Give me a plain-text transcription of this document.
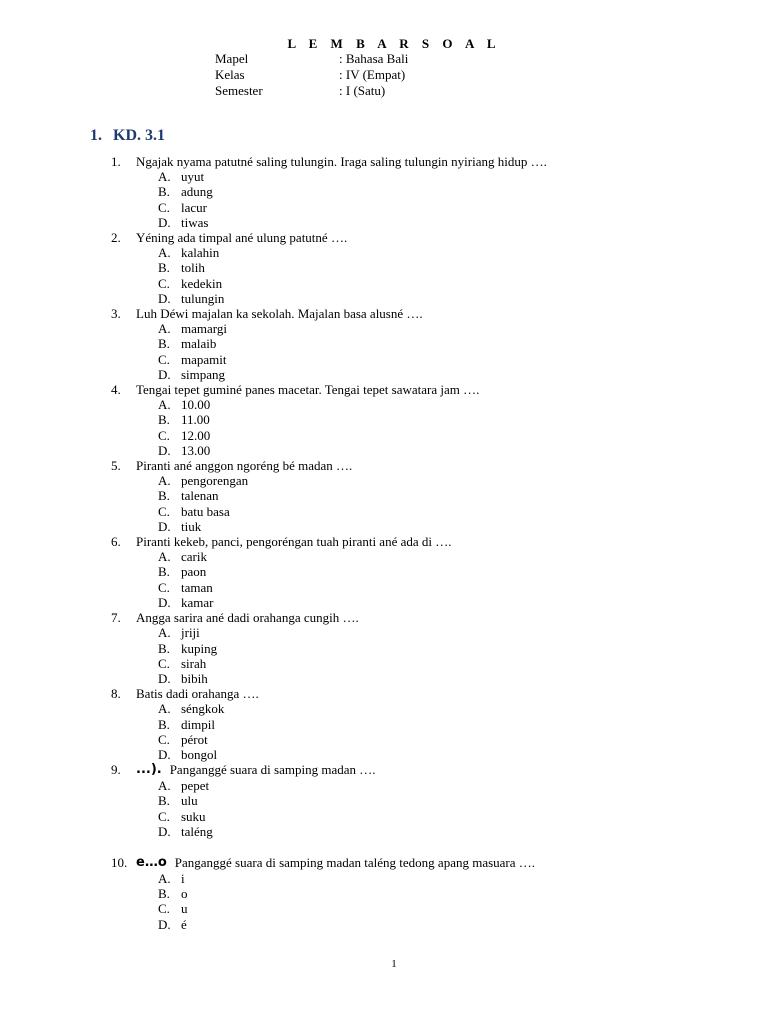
L E M B A R S O A L
Mapel	: Bahasa Bali
Kelas	: IV (Empat)
Semester	: I (Satu)
1. KD. 3.1
1.	Ngajak nyama patutné saling tulungin. Iraga saling tulungin nyiriang hidup ….
A. uyut
B. adung
C. lacur
D. tiwas
2.	Yéning ada timpal ané ulung patutné ….
A. kalahin
B. tolih
C. kedekin
D. tulungin
3.	Luh Déwi majalan ka sekolah. Majalan basa alusné ….
A. mamargi
B. malaib
C. mapamit
D. simpang
4.	Tengai tepet guminé panes macetar. Tengai tepet sawatara jam ….
A. 10.00
B. 11.00
C. 12.00
D. 13.00
5.	Piranti ané anggon ngoréng bé madan ….
A. pengorengan
B. talenan
C. batu basa
D. tiuk
6.	Piranti kekeb, panci, pengoréngan tuah piranti ané ada di ….
A. carik
B. paon
C. taman
D. kamar
7.	Angga sarira ané dadi orahanga cungih ….
A. jriji
B. kuping
C. sirah
D. bibih
8.	Batis dadi orahanga ….
A. séngkok
B. dimpil
C. pérot
D. bongol
9.	...). Panganggé suara di samping madan ….
A. pepet
B. ulu
C. suku
D. taléng
10. e…o Panganggé suara di samping madan taléng tedong apang masuara ….
A. i
B. o
C. u
D. é
1
